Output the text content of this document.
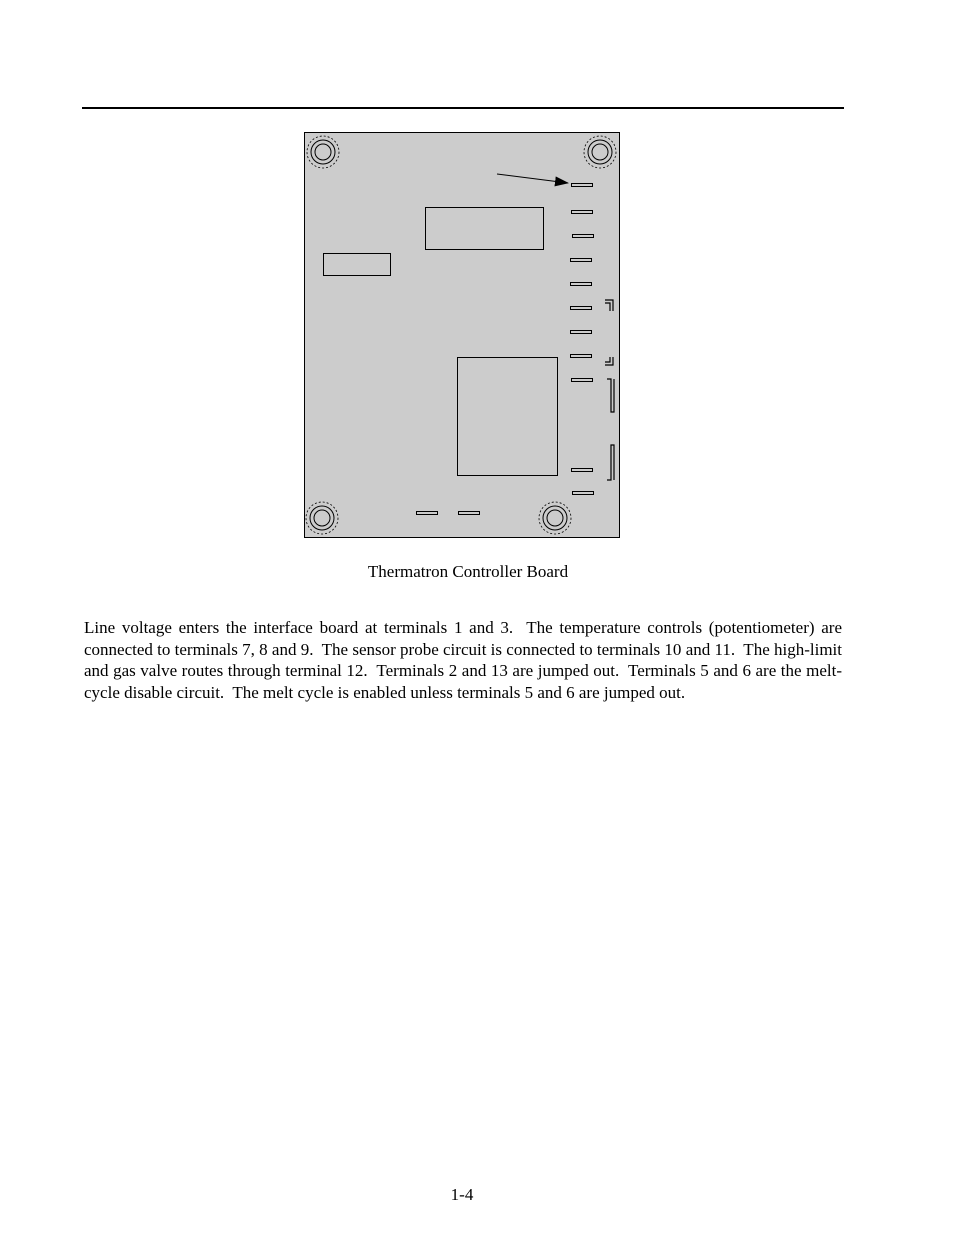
Thermatron Controller Board
Line voltage enters the interface board at terminals 1 and 3.  The temperature controls (potentiometer) are connected to terminals 7, 8 and 9.  The sensor probe circuit is connected to terminals 10 and 11.  The high-limit and gas valve routes through terminal 12.  Terminals 2 and 13 are jumped out.  Terminals 5 and 6 are the melt-cycle disable circuit.  The melt cycle is enabled unless terminals 5 and 6 are jumped out.
1-4
